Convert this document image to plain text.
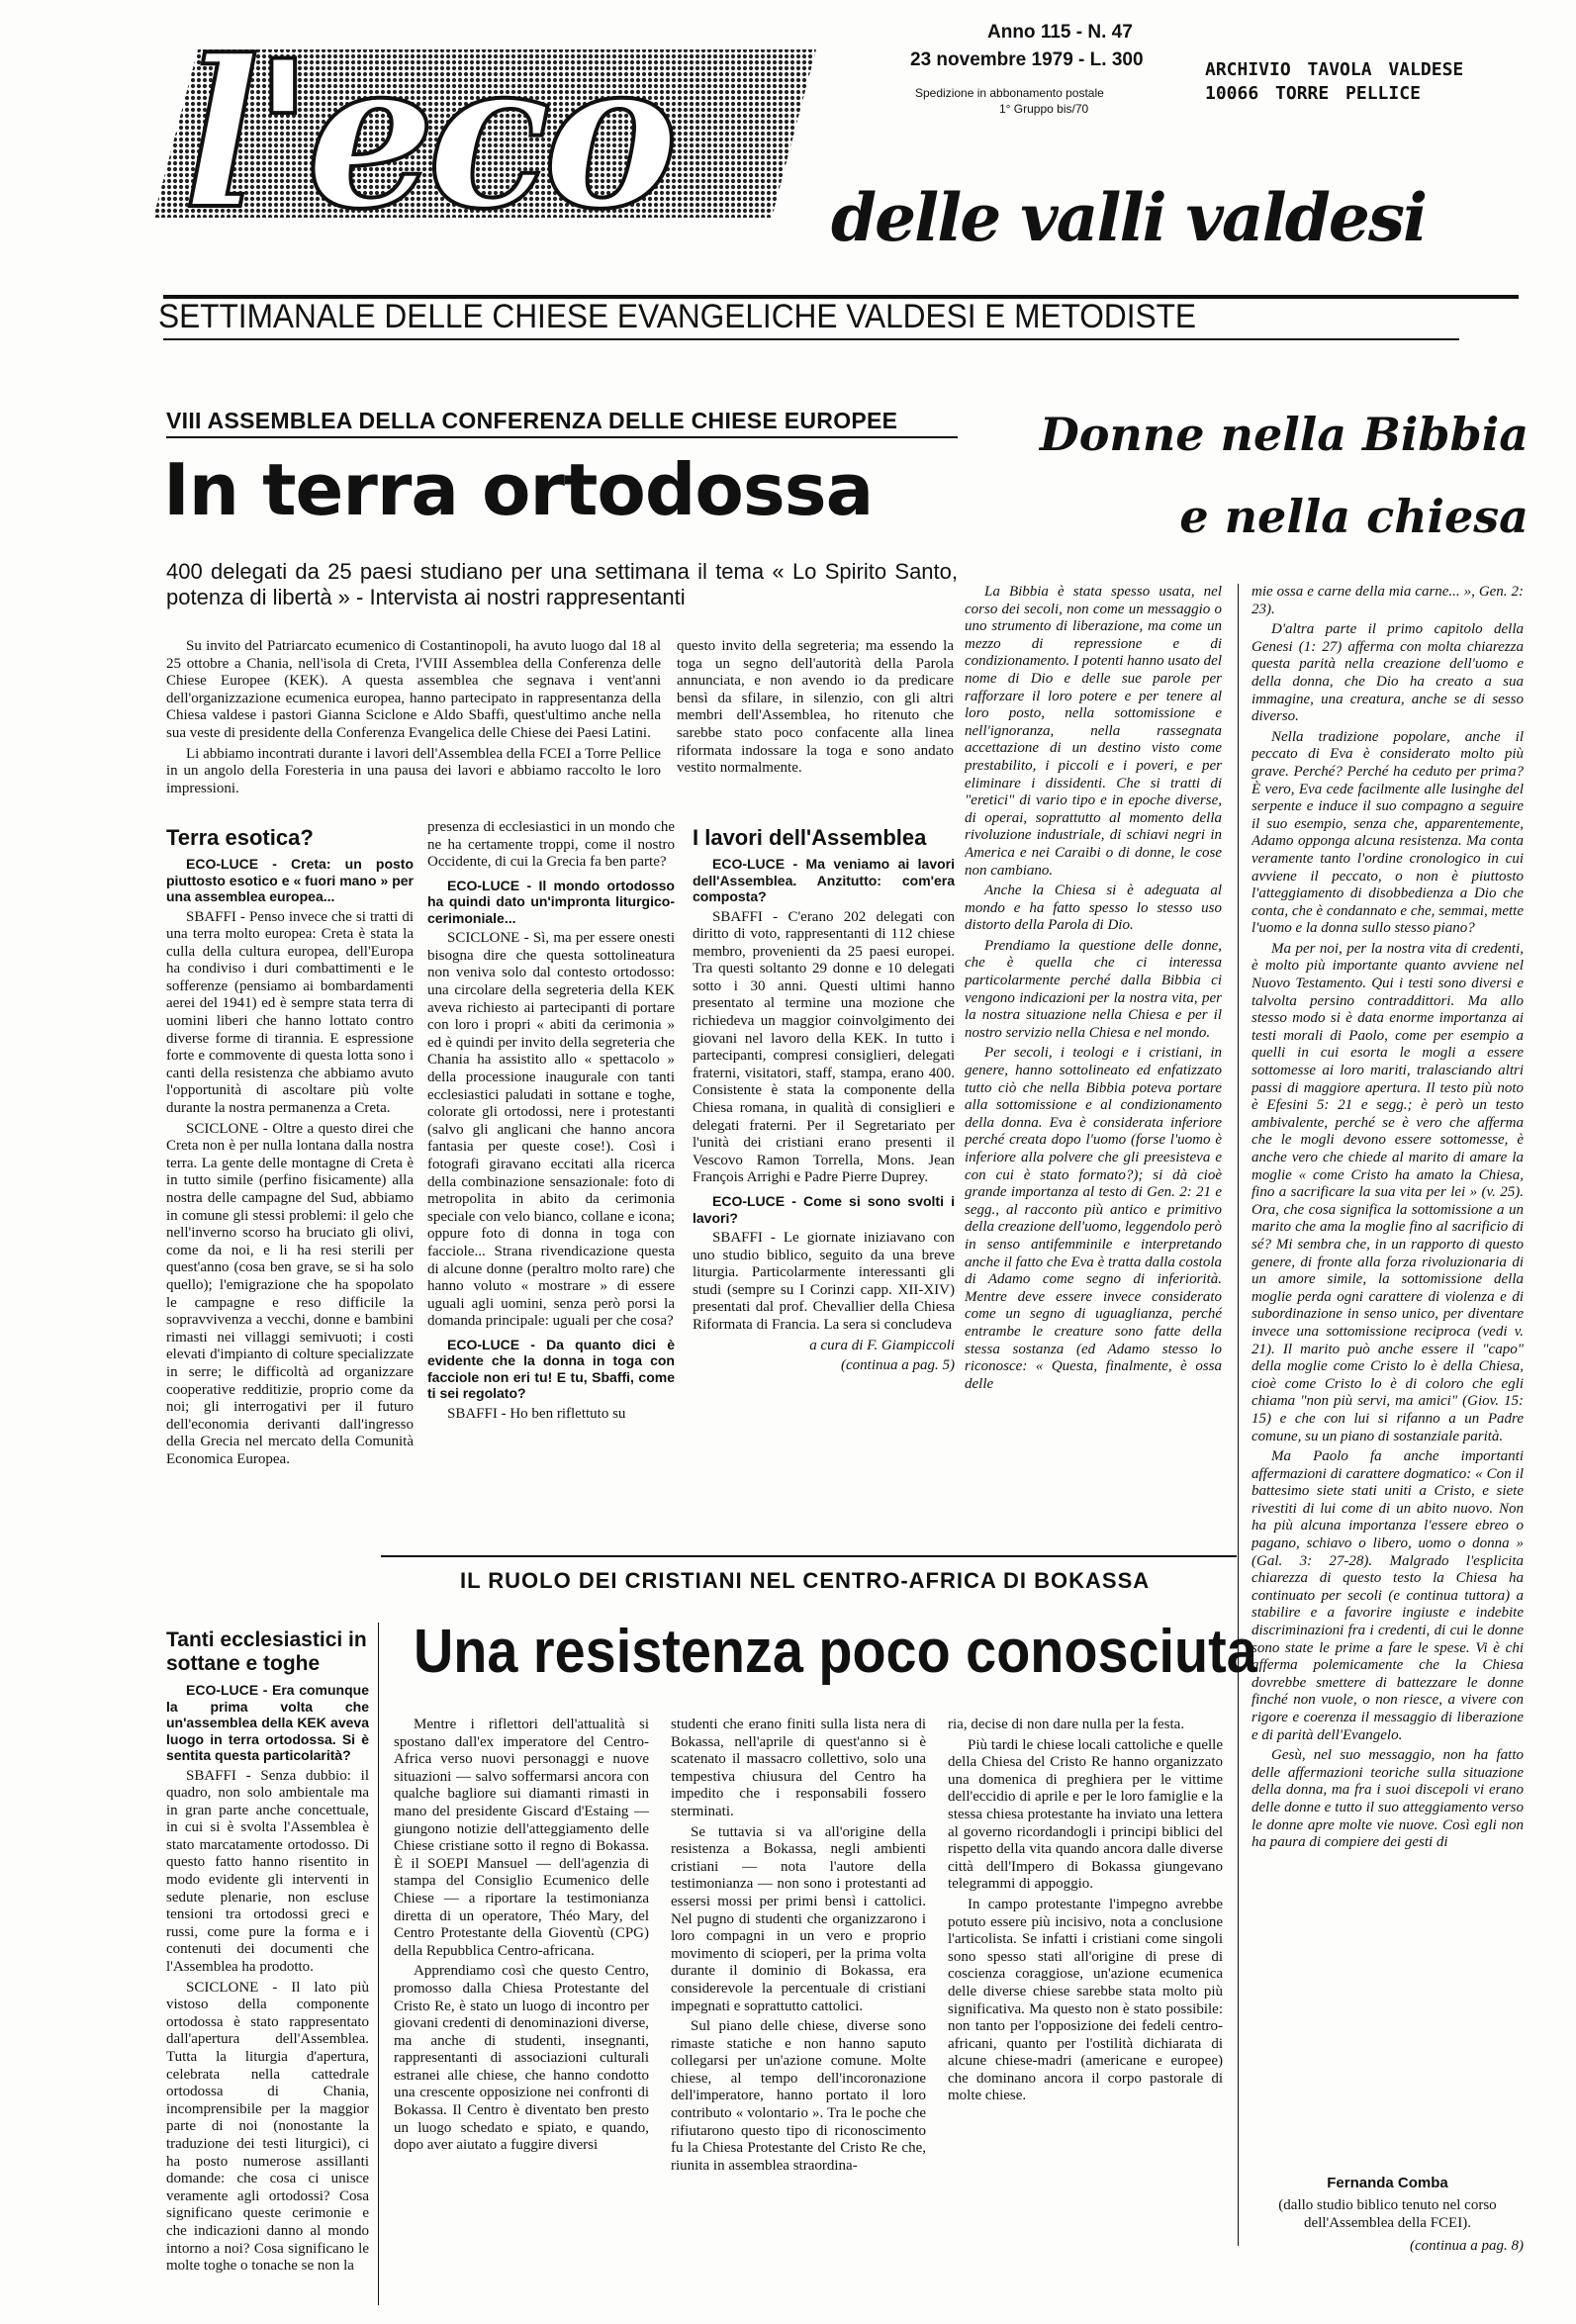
l'eco delle valli valdesi
Anno 115 - N. 47
23 novembre 1979 - L. 300
Spedizione in abbonamento postale
1° Gruppo bis/70
ARCHIVIO TAVOLA VALDESE
10066 TORRE PELLICE
SETTIMANALE DELLE CHIESE EVANGELICHE VALDESI E METODISTE
VIII ASSEMBLEA DELLA CONFERENZA DELLE CHIESE EUROPEE
In terra ortodossa
400 delegati da 25 paesi studiano per una settimana il tema « Lo Spirito Santo, potenza di libertà » - Intervista ai nostri rappresentanti

Su invito del Patriarcato ecumenico di Costantinopoli, ha avuto luogo dal 18 al 25 ottobre a Chania, nell'isola di Creta, l'VIII Assemblea della Conferenza delle Chiese Europee (KEK). A questa assemblea che segnava i vent'anni dell'organizzazione ecumenica europea, hanno partecipato in rappresentanza della Chiesa valdese i pastori Gianna Sciclone e Aldo Sbaffi, quest'ultimo anche nella sua veste di presidente della Conferenza Evangelica delle Chiese dei Paesi Latini.

Li abbiamo incontrati durante i lavori dell'Assemblea della FCEI a Torre Pellice in un angolo della Foresteria in una pausa dei lavori e abbiamo raccolto le loro impressioni.

questo invito della segreteria; ma essendo la toga un segno dell'autorità della Parola annunciata, e non avendo io da predicare bensì da sfilare, in silenzio, con gli altri membri dell'Assemblea, ho ritenuto che sarebbe stato poco confacente alla linea riformata indossare la toga e sono andato vestito normalmente.

Terra esotica?

ECO-LUCE - Creta: un posto piuttosto esotico e « fuori mano » per una assemblea europea...

SBAFFI - Penso invece che si tratti di una terra molto europea: Creta è stata la culla della cultura europea, dell'Europa ha condiviso i duri combattimenti e le sofferenze (pensiamo ai bombardamenti aerei del 1941) ed è sempre stata terra di uomini liberi che hanno lottato contro diverse forme di tirannia. E espressione forte e commovente di questa lotta sono i canti della resistenza che abbiamo avuto l'opportunità di ascoltare più volte durante la nostra permanenza a Creta.

SCICLONE - Oltre a questo direi che Creta non è per nulla lontana dalla nostra terra. La gente delle montagne di Creta è in tutto simile (perfino fisicamente) alla nostra delle campagne del Sud, abbiamo in comune gli stessi problemi: il gelo che nell'inverno scorso ha bruciato gli olivi, come da noi, e li ha resi sterili per quest'anno (cosa ben grave, se si ha solo quello); l'emigrazione che ha spopolato le campagne e reso difficile la sopravvivenza a vecchi, donne e bambini rimasti nei villaggi semivuoti; i costi elevati d'impianto di colture specializzate in serre; le difficoltà ad organizzare cooperative redditizie, proprio come da noi; gli interrogativi per il futuro dell'economia derivanti dall'ingresso della Grecia nel mercato della Comunità Economica Europea.

presenza di ecclesiastici in un mondo che ne ha certamente troppi, come il nostro Occidente, di cui la Grecia fa ben parte?

ECO-LUCE - Il mondo ortodosso ha quindi dato un'impronta liturgico-cerimoniale...

SCICLONE - Sì, ma per essere onesti bisogna dire che questa sottolineatura non veniva solo dal contesto ortodosso: una circolare della segreteria della KEK aveva richiesto ai partecipanti di portare con loro i propri « abiti da cerimonia » ed è quindi per invito della segreteria che Chania ha assistito allo « spettacolo » della processione inaugurale con tanti ecclesiastici paludati in sottane e toghe, colorate gli ortodossi, nere i protestanti (salvo gli anglicani che hanno ancora fantasia per queste cose!). Così i fotografi giravano eccitati alla ricerca della combinazione sensazionale: foto di metropolita in abito da cerimonia speciale con velo bianco, collane e icona; oppure foto di donna in toga con facciole... Strana rivendicazione questa di alcune donne (peraltro molto rare) che hanno voluto « mostrare » di essere uguali agli uomini, senza però porsi la domanda principale: uguali per che cosa?

ECO-LUCE - Da quanto dici è evidente che la donna in toga con facciole non eri tu! E tu, Sbaffi, come ti sei regolato?

SBAFFI - Ho ben riflettuto su

I lavori dell'Assemblea

ECO-LUCE - Ma veniamo ai lavori dell'Assemblea. Anzitutto: com'era composta?

SBAFFI - C'erano 202 delegati con diritto di voto, rappresentanti di 112 chiese membro, provenienti da 25 paesi europei. Tra questi soltanto 29 donne e 10 delegati sotto i 30 anni. Questi ultimi hanno presentato al termine una mozione che richiedeva un maggior coinvolgimento dei giovani nel lavoro della KEK. In tutto i partecipanti, compresi consiglieri, delegati fraterni, visitatori, staff, stampa, erano 400. Consistente è stata la componente della Chiesa romana, in qualità di consiglieri e delegati fraterni. Per il Segretariato per l'unità dei cristiani erano presenti il Vescovo Ramon Torrella, Mons. Jean François Arrighi e Padre Pierre Duprey.

ECO-LUCE - Come si sono svolti i lavori?

SBAFFI - Le giornate iniziavano con uno studio biblico, seguito da una breve liturgia. Particolarmente interessanti gli studi (sempre su I Corinzi capp. XII-XIV) presentati dal prof. Chevallier della Chiesa Riformata di Francia. La sera si concludeva

a cura di F. Giampiccoli

(continua a pag. 5)

Tanti ecclesiastici in sottane e toghe

ECO-LUCE - Era comunque la prima volta che un'assemblea della KEK aveva luogo in terra ortodossa. Si è sentita questa particolarità?

SBAFFI - Senza dubbio: il quadro, non solo ambientale ma in gran parte anche concettuale, in cui si è svolta l'Assemblea è stato marcatamente ortodosso. Di questo fatto hanno risentito in modo evidente gli interventi in sedute plenarie, non escluse tensioni tra ortodossi greci e russi, come pure la forma e i contenuti dei documenti che l'Assemblea ha prodotto.

SCICLONE - Il lato più vistoso della componente ortodossa è stato rappresentato dall'apertura dell'Assemblea. Tutta la liturgia d'apertura, celebrata nella cattedrale ortodossa di Chania, incomprensibile per la maggior parte di noi (nonostante la traduzione dei testi liturgici), ci ha posto numerose assillanti domande: che cosa ci unisce veramente agli ortodossi? Cosa significano queste cerimonie e che indicazioni danno al mondo intorno a noi? Cosa significano le molte toghe o tonache se non la

Donne nella Bibbia
e nella chiesa

La Bibbia è stata spesso usata, nel corso dei secoli, non come un messaggio o uno strumento di liberazione, ma come un mezzo di repressione e di condizionamento. I potenti hanno usato del nome di Dio e delle sue parole per rafforzare il loro potere e per tenere al loro posto, nella sottomissione e nell'ignoranza, nella rassegnata accettazione di un destino visto come prestabilito, i piccoli e i poveri, e per eliminare i dissidenti. Che si tratti di "eretici" di vario tipo e in epoche diverse, di operai, soprattutto al momento della rivoluzione industriale, di schiavi negri in America e nei Caraibi o di donne, le cose non cambiano.

Anche la Chiesa si è adeguata al mondo e ha fatto spesso lo stesso uso distorto della Parola di Dio.

Prendiamo la questione delle donne, che è quella che ci interessa particolarmente perché dalla Bibbia ci vengono indicazioni per la nostra vita, per la nostra situazione nella Chiesa e per il nostro servizio nella Chiesa e nel mondo.

Per secoli, i teologi e i cristiani, in genere, hanno sottolineato ed enfatizzato tutto ciò che nella Bibbia poteva portare alla sottomissione e al condizionamento della donna. Eva è considerata inferiore perché creata dopo l'uomo (forse l'uomo è inferiore alla polvere che gli preesisteva e con cui è stato formato?); si dà cioè grande importanza al testo di Gen. 2: 21 e segg., al racconto più antico e primitivo della creazione dell'uomo, leggendolo però in senso antifemminile e interpretando anche il fatto che Eva è tratta dalla costola di Adamo come segno di inferiorità. Mentre deve essere invece considerato come un segno di uguaglianza, perché entrambe le creature sono fatte della stessa sostanza (ed Adamo stesso lo riconosce: « Questa, finalmente, è ossa delle

mie ossa e carne della mia carne... », Gen. 2: 23).

D'altra parte il primo capitolo della Genesi (1: 27) afferma con molta chiarezza questa parità nella creazione dell'uomo e della donna, che Dio ha creato a sua immagine, una creatura, anche se di sesso diverso.

Nella tradizione popolare, anche il peccato di Eva è considerato molto più grave. Perché? Perché ha ceduto per prima? È vero, Eva cede facilmente alle lusinghe del serpente e induce il suo compagno a seguire il suo esempio, senza che, apparentemente, Adamo opponga alcuna resistenza. Ma conta veramente tanto l'ordine cronologico in cui avviene il peccato, o non è piuttosto l'atteggiamento di disobbedienza a Dio che conta, che è condannato e che, semmai, mette l'uomo e la donna sullo stesso piano?

Ma per noi, per la nostra vita di credenti, è molto più importante quanto avviene nel Nuovo Testamento. Qui i testi sono diversi e talvolta persino contraddittori. Ma allo stesso modo si è data enorme importanza ai testi morali di Paolo, come per esempio a quelli in cui esorta le mogli a essere sottomesse ai loro mariti, tralasciando altri passi di maggiore apertura. Il testo più noto è Efesini 5: 21 e segg.; è però un testo ambivalente, perché se è vero che afferma che le mogli devono essere sottomesse, è anche vero che chiede al marito di amare la moglie « come Cristo ha amato la Chiesa, fino a sacrificare la sua vita per lei » (v. 25). Ora, che cosa significa la sottomissione a un marito che ama la moglie fino al sacrificio di sé? Mi sembra che, in un rapporto di questo genere, di fronte alla forza rivoluzionaria di un amore simile, la sottomissione della moglie perda ogni carattere di violenza e di subordinazione in senso unico, per diventare invece una sottomissione reciproca (vedi v. 21). Il marito può anche essere il "capo" della moglie come Cristo lo è della Chiesa, cioè come Cristo lo è di coloro che egli chiama "non più servi, ma amici" (Giov. 15: 15) e che con lui si rifanno a un Padre comune, su un piano di sostanziale parità.

Ma Paolo fa anche importanti affermazioni di carattere dogmatico: « Con il battesimo siete stati uniti a Cristo, e siete rivestiti di lui come di un abito nuovo. Non ha più alcuna importanza l'essere ebreo o pagano, schiavo o libero, uomo o donna » (Gal. 3: 27-28). Malgrado l'esplicita chiarezza di questo testo la Chiesa ha continuato per secoli (e continua tuttora) a stabilire e a favorire ingiuste e indebite discriminazioni fra i credenti, di cui le donne sono state le prime a fare le spese. Vi è chi afferma polemicamente che la Chiesa dovrebbe smettere di battezzare le donne finché non vuole, o non riesce, a vivere con rigore e coerenza il messaggio di liberazione e di parità dell'Evangelo.

Gesù, nel suo messaggio, non ha fatto delle affermazioni teoriche sulla situazione della donna, ma fra i suoi discepoli vi erano delle donne e tutto il suo atteggiamento verso le donne apre molte vie nuove. Così egli non ha paura di compiere dei gesti di

Fernanda Comba
(dallo studio biblico tenuto nel corso dell'Assemblea della FCEI).
(continua a pag. 8)
IL RUOLO DEI CRISTIANI NEL CENTRO-AFRICA DI BOKASSA
Una resistenza poco conosciuta

Mentre i riflettori dell'attualità si spostano dall'ex imperatore del Centro-Africa verso nuovi personaggi e nuove situazioni — salvo soffermarsi ancora con qualche bagliore sui diamanti rimasti in mano del presidente Giscard d'Estaing — giungono notizie dell'atteggiamento delle Chiese cristiane sotto il regno di Bokassa. È il SOEPI Mansuel — dell'agenzia di stampa del Consiglio Ecumenico delle Chiese — a riportare la testimonianza diretta di un operatore, Théo Mary, del Centro Protestante della Gioventù (CPG) della Repubblica Centro-africana.

Apprendiamo così che questo Centro, promosso dalla Chiesa Protestante del Cristo Re, è stato un luogo di incontro per giovani credenti di denominazioni diverse, ma anche di studenti, insegnanti, rappresentanti di associazioni culturali estranei alle chiese, che hanno condotto una crescente opposizione nei confronti di Bokassa. Il Centro è diventato ben presto un luogo schedato e spiato, e quando, dopo aver aiutato a fuggire diversi

studenti che erano finiti sulla lista nera di Bokassa, nell'aprile di quest'anno si è scatenato il massacro collettivo, solo una tempestiva chiusura del Centro ha impedito che i responsabili fossero sterminati.

Se tuttavia si va all'origine della resistenza a Bokassa, negli ambienti cristiani — nota l'autore della testimonianza — non sono i protestanti ad essersi mossi per primi bensì i cattolici. Nel pugno di studenti che organizzarono i loro compagni in un vero e proprio movimento di scioperi, per la prima volta durante il dominio di Bokassa, era considerevole la percentuale di cristiani impegnati e soprattutto cattolici.

Sul piano delle chiese, diverse sono rimaste statiche e non hanno saputo collegarsi per un'azione comune. Molte chiese, al tempo dell'incoronazione dell'imperatore, hanno portato il loro contributo « volontario ». Tra le poche che rifiutarono questo tipo di riconoscimento fu la Chiesa Protestante del Cristo Re che, riunita in assemblea straordina-

ria, decise di non dare nulla per la festa.

Più tardi le chiese locali cattoliche e quelle della Chiesa del Cristo Re hanno organizzato una domenica di preghiera per le vittime dell'eccidio di aprile e per le loro famiglie e la stessa chiesa protestante ha inviato una lettera al governo ricordandogli i principi biblici del rispetto della vita quando ancora dalle diverse città dell'Impero di Bokassa giungevano telegrammi di appoggio.

In campo protestante l'impegno avrebbe potuto essere più incisivo, nota a conclusione l'articolista. Se infatti i cristiani come singoli sono spesso stati all'origine di prese di coscienza coraggiose, un'azione ecumenica delle diverse chiese sarebbe stata molto più significativa. Ma questo non è stato possibile: non tanto per l'opposizione dei fedeli centro-africani, quanto per l'ostilità dichiarata di alcune chiese-madri (americane e europee) che dominano ancora il corpo pastorale di molte chiese.
